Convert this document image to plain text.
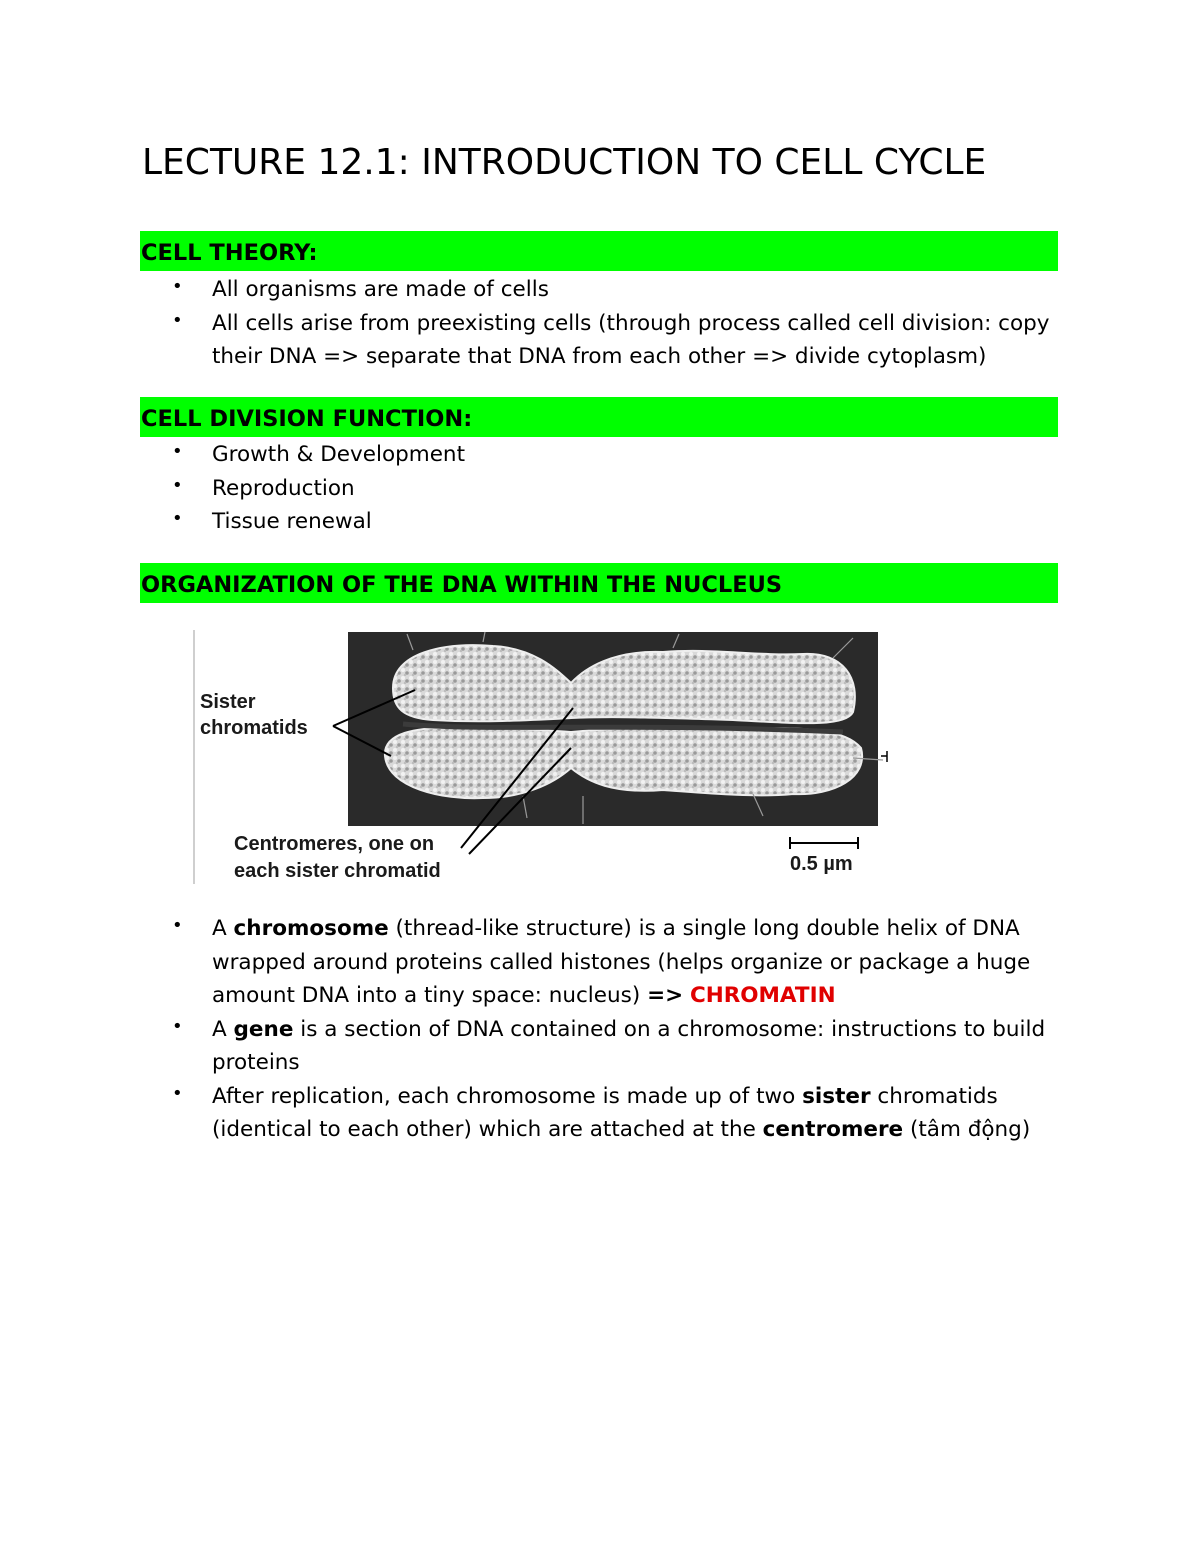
LECTURE 12.1: INTRODUCTION TO CELL CYCLE
CELL THEORY:
• All organisms are made of cells
• All cells arise from preexisting cells (through process called cell division: copy their DNA => separate that DNA from each other => divide cytoplasm)
CELL DIVISION FUNCTION:
• Growth & Development
• Reproduction
• Tissue renewal
ORGANIZATION OF THE DNA WITHIN THE NUCLEUS
Sister
chromatids
Centromeres, one on
each sister chromatid	0.5 µm
• A chromosome (thread-like structure) is a single long double helix of DNA wrapped around proteins called histones (helps organize or package a huge amount DNA into a tiny space: nucleus) => CHROMATIN
• A gene is a section of DNA contained on a chromosome: instructions to build proteins
• After replication, each chromosome is made up of two sister chromatids (identical to each other) which are attached at the centromere (tâm động)
